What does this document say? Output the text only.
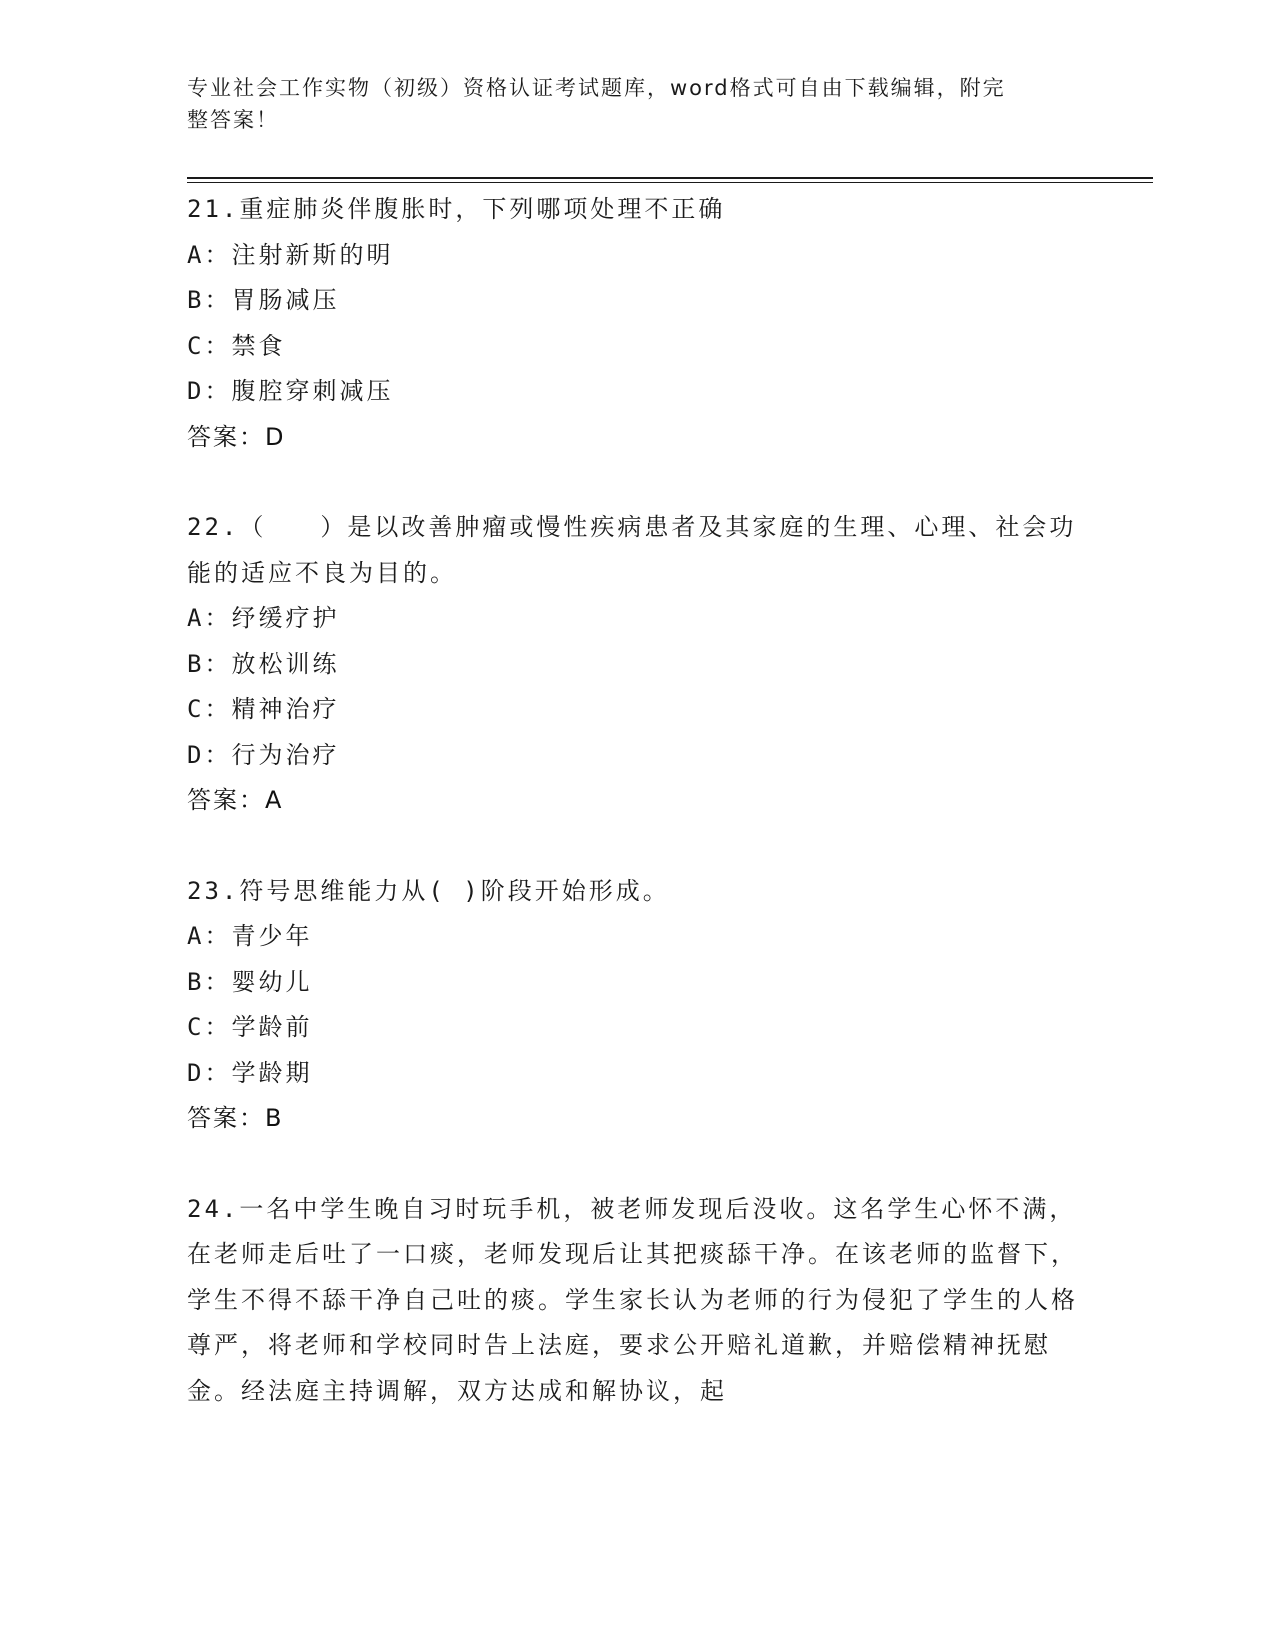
专业社会工作实物（初级）资格认证考试题库，word格式可自由下载编辑，附完
整答案！

21.重症肺炎伴腹胀时，下列哪项处理不正确

A：注射新斯的明

B：胃肠减压

C：禁食

D：腹腔穿刺减压

答案：D

22.（　　）是以改善肿瘤或慢性疾病患者及其家庭的生理、心理、社会功能的适应不良为目的。

A：纾缓疗护

B：放松训练

C：精神治疗

D：行为治疗

答案：A

23.符号思维能力从( )阶段开始形成。

A：青少年

B：婴幼儿

C：学龄前

D：学龄期

答案：B

24.一名中学生晚自习时玩手机，被老师发现后没收。这名学生心怀不满，在老师走后吐了一口痰，老师发现后让其把痰舔干净。在该老师的监督下，学生不得不舔干净自己吐的痰。学生家长认为老师的行为侵犯了学生的人格尊严，将老师和学校同时告上法庭，要求公开赔礼道歉，并赔偿精神抚慰金。经法庭主持调解，双方达成和解协议，起
